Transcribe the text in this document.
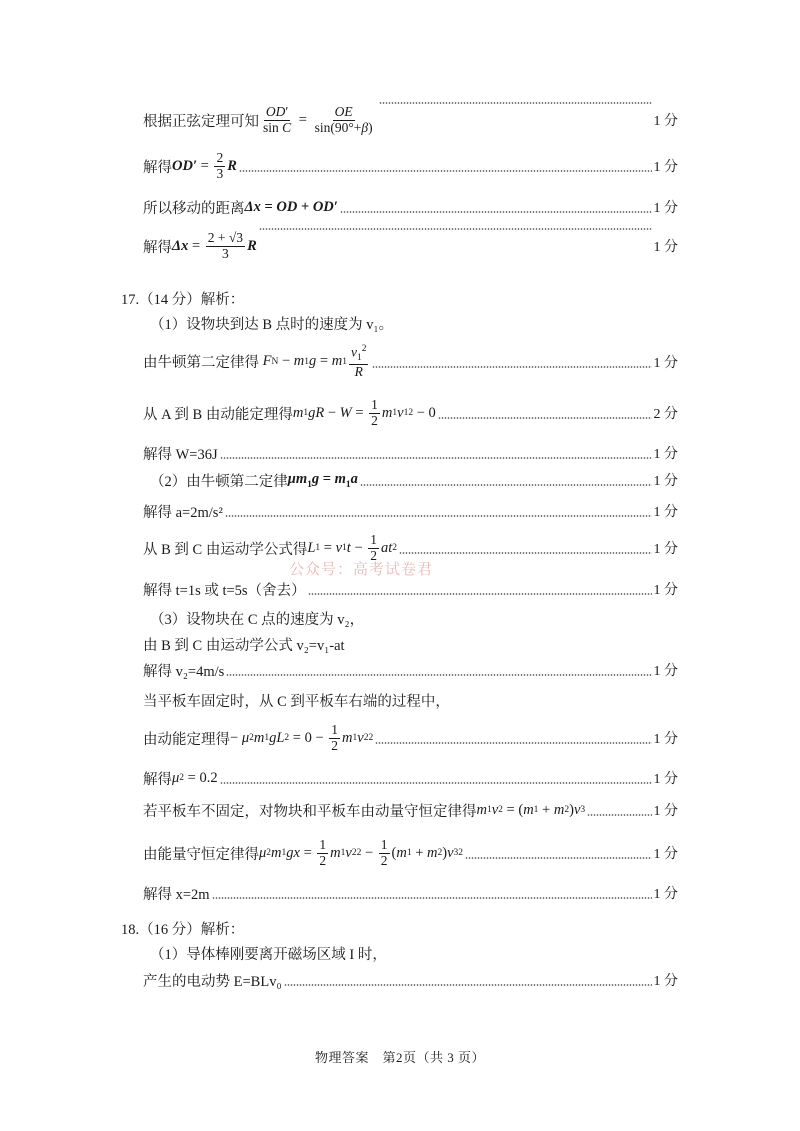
根据正弦定理可知 $\frac{OD'}{\text{sin C}} = \frac{OE}{\sin(90^\circ+\beta)}$	1 分
解得 $OD' = \frac{2}{3}$ R	1 分
所以移动的距离 Δx = OD + OD′	1 分
解得 $\Delta x = \frac{2 + √3}{3}$ R	1 分
17.（14 分）解析：
（1）设物块到达 B 点时的速度为 v₁。
由牛顿第二定律得
F N − m 1 g = m $1 \frac{v_1^2}{R}$	1 分
从 A 到 B 由动能定理得 m 1 gR − $W = \frac{1}{2}$ m 1 v 1 2 − 0	2 分
解得 W=36J	1 分
（2）由牛顿第二定律 $\mu m_1g = m_1a$	1 分
解得 a=2m/s²	1 分
从 B 到 C 由运动学公式得 L 1 = v 1 $t - \frac{1}{2}$ at 2	1 分
解得 t=1s 或 t=5s（舍去）	1 分
（3）设物块在 C 点的速度为 v₂，
由 B 到 C 由运动学公式 v₂=v₁-at
解得 v₂=4m/s	1 分
当平板车固定时，从 C 到平板车右端的过程中，
由动能定理得 − μ 2 m 1 gL $2 = 0 - \frac{1}{2}$ m 1 v 2 2	1 分
解得 μ 2 = 0.2	1 分
若平板车不固定，对物块和平板车由动量守恒定律得 m 1 v 2 = ( m 1 + m 2 ) v 3	1 分
由能量守恒定律得 μ 2 m 1 gx = $\frac{1}{2}$ m 1 v 2 $2 - \frac{1}{2}$ ( m 1 + m 2 ) v 3 2	1 分
解得 x=2m	1 分
18.（16 分）解析：
（1）导体棒刚要离开磁场区域 I 时，
产生的电动势 E=BLv₀	1 分
公众号：高考试卷君
物理答案　第2页（共 3 页）
